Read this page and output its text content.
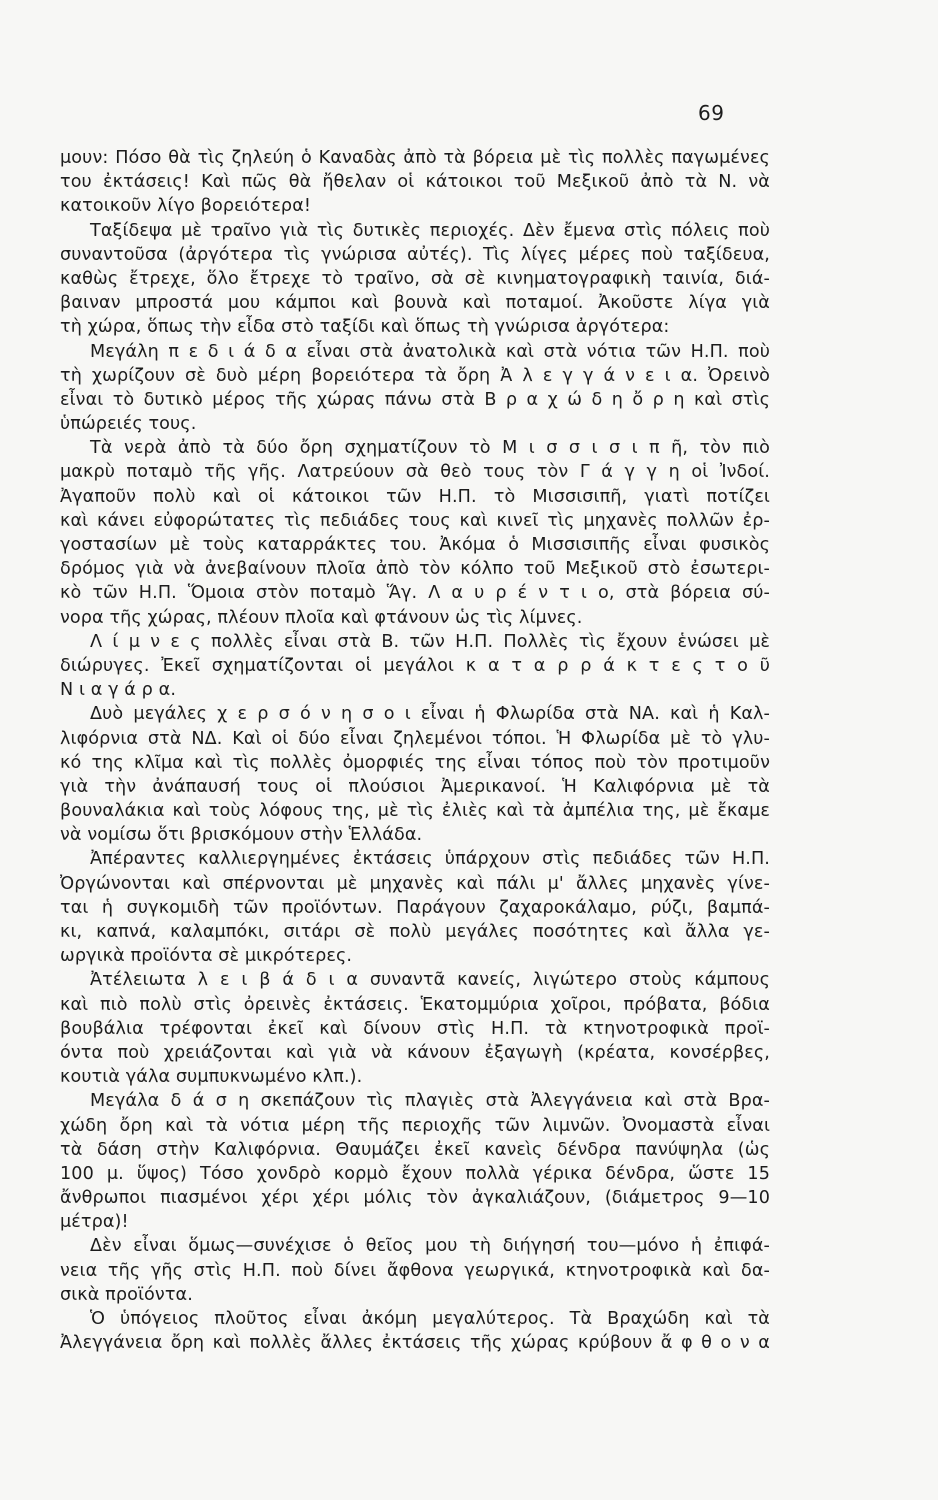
69
μουν: Πόσο θὰ τὶς ζηλεύη ὁ Καναδὰς ἀπὸ τὰ βόρεια μὲ τὶς πολλὲς παγωμένες
του ἐκτάσεις! Καὶ πῶς θὰ ἤθελαν οἱ κάτοικοι τοῦ Μεξικοῦ ἀπὸ τὰ Ν. νὰ
κατοικοῦν λίγο βορειότερα!
Ταξίδεψα μὲ τραῖνο γιὰ τὶς δυτικὲς περιοχές. Δὲν ἔμενα στὶς πόλεις ποὺ
συναντοῦσα (ἀργότερα τὶς γνώρισα αὐτές). Τὶς λίγες μέρες ποὺ ταξίδευα,
καθὼς ἔτρεχε, ὅλο ἔτρεχε τὸ τραῖνο, σὰ σὲ κινηματογραφικὴ ταινία, διά-
βαιναν μπροστά μου κάμποι καὶ βουνὰ καὶ ποταμοί. Ἀκοῦστε λίγα γιὰ
τὴ χώρα, ὅπως τὴν εἶδα στὸ ταξίδι καὶ ὅπως τὴ γνώρισα ἀργότερα:
Μεγάλη π ε δ ι ά δ α εἶναι στὰ ἀνατολικὰ καὶ στὰ νότια τῶν Η.Π. ποὺ
τὴ χωρίζουν σὲ δυὸ μέρη βορειότερα τὰ ὄρη Ἀ λ ε γ γ ά ν ε ι α. Ὀρεινὸ
εἶναι τὸ δυτικὸ μέρος τῆς χώρας πάνω στὰ Β ρ α χ ώ δ η ὄ ρ η καὶ στὶς
ὑπώρειές τους.
Τὰ νερὰ ἀπὸ τὰ δύο ὄρη σχηματίζουν τὸ Μ ι σ σ ι σ ι π ῆ, τὸν πιὸ
μακρὺ ποταμὸ τῆς γῆς. Λατρεύουν σὰ θεὸ τους τὸν Γ ά γ γ η οἱ Ἰνδοί.
Ἀγαποῦν πολὺ καὶ οἱ κάτοικοι τῶν Η.Π. τὸ Μισσισιπῆ, γιατὶ ποτίζει
καὶ κάνει εὐφορώτατες τὶς πεδιάδες τους καὶ κινεῖ τὶς μηχανὲς πολλῶν ἐρ-
γοστασίων μὲ τοὺς καταρράκτες του. Ἀκόμα ὁ Μισσισιπῆς εἶναι φυσικὸς
δρόμος γιὰ νὰ ἀνεβαίνουν πλοῖα ἀπὸ τὸν κόλπο τοῦ Μεξικοῦ στὸ ἐσωτερι-
κὸ τῶν Η.Π. Ὅμοια στὸν ποταμὸ Ἅγ. Λ α υ ρ έ ν τ ι ο, στὰ βόρεια σύ-
νορα τῆς χώρας, πλέουν πλοῖα καὶ φτάνουν ὡς τὶς λίμνες.
Λ ί μ ν ε ς πολλὲς εἶναι στὰ Β. τῶν Η.Π. Πολλὲς τὶς ἔχουν ἑνώσει μὲ
διώρυγες. Ἐκεῖ σχηματίζονται οἱ μεγάλοι κ α τ α ρ ρ ά κ τ ε ς τ ο ῦ
Ν ι α γ ά ρ α.
Δυὸ μεγάλες χ ε ρ σ ό ν η σ ο ι εἶναι ἡ Φλωρίδα στὰ ΝΑ. καὶ ἡ Καλ-
λιφόρνια στὰ ΝΔ. Καὶ οἱ δύο εἶναι ζηλεμένοι τόποι. Ἡ Φλωρίδα μὲ τὸ γλυ-
κό της κλῖμα καὶ τὶς πολλὲς ὀμορφιές της εἶναι τόπος ποὺ τὸν προτιμοῦν
γιὰ τὴν ἀνάπαυσή τους οἱ πλούσιοι Ἀμερικανοί. Ἡ Καλιφόρνια μὲ τὰ
βουναλάκια καὶ τοὺς λόφους της, μὲ τὶς ἐλιὲς καὶ τὰ ἀμπέλια της, μὲ ἔκαμε
νὰ νομίσω ὅτι βρισκόμουν στὴν Ἑλλάδα.
Ἀπέραντες καλλιεργημένες ἐκτάσεις ὑπάρχουν στὶς πεδιάδες τῶν Η.Π.
Ὀργώνονται καὶ σπέρνονται μὲ μηχανὲς καὶ πάλι μ' ἄλλες μηχανὲς γίνε-
ται ἡ συγκομιδὴ τῶν προϊόντων. Παράγουν ζαχαροκάλαμο, ρύζι, βαμπά-
κι, καπνά, καλαμπόκι, σιτάρι σὲ πολὺ μεγάλες ποσότητες καὶ ἄλλα γε-
ωργικὰ προϊόντα σὲ μικρότερες.
Ἀτέλειωτα λ ε ι β ά δ ι α συναντᾶ κανείς, λιγώτερο στοὺς κάμπους
καὶ πιὸ πολὺ στὶς ὀρεινὲς ἐκτάσεις. Ἑκατομμύρια χοῖροι, πρόβατα, βόδια
βουβάλια τρέφονται ἐκεῖ καὶ δίνουν στὶς Η.Π. τὰ κτηνοτροφικὰ προϊ-
όντα ποὺ χρειάζονται καὶ γιὰ νὰ κάνουν ἐξαγωγὴ (κρέατα, κονσέρβες,
κουτιὰ γάλα συμπυκνωμένο κλπ.).
Μεγάλα δ ά σ η σκεπάζουν τὶς πλαγιὲς στὰ Ἀλεγγάνεια καὶ στὰ Βρα-
χώδη ὄρη καὶ τὰ νότια μέρη τῆς περιοχῆς τῶν λιμνῶν. Ὀνομαστὰ εἶναι
τὰ δάση στὴν Καλιφόρνια. Θαυμάζει ἐκεῖ κανεὶς δένδρα πανύψηλα (ὡς
100 μ. ὕψος) Τόσο χονδρὸ κορμὸ ἔχουν πολλὰ γέρικα δένδρα, ὥστε 15
ἄνθρωποι πιασμένοι χέρι χέρι μόλις τὸν ἀγκαλιάζουν, (διάμετρος 9—10
μέτρα)!
Δὲν εἶναι ὅμως—συνέχισε ὁ θεῖος μου τὴ διήγησή του—μόνο ἡ ἐπιφά-
νεια τῆς γῆς στὶς Η.Π. ποὺ δίνει ἄφθονα γεωργικά, κτηνοτροφικὰ καὶ δα-
σικὰ προϊόντα.
Ὁ ὑπόγειος πλοῦτος εἶναι ἀκόμη μεγαλύτερος. Τὰ Βραχώδη καὶ τὰ
Ἀλεγγάνεια ὄρη καὶ πολλὲς ἄλλες ἐκτάσεις τῆς χώρας κρύβουν ἄ φ θ ο ν α
